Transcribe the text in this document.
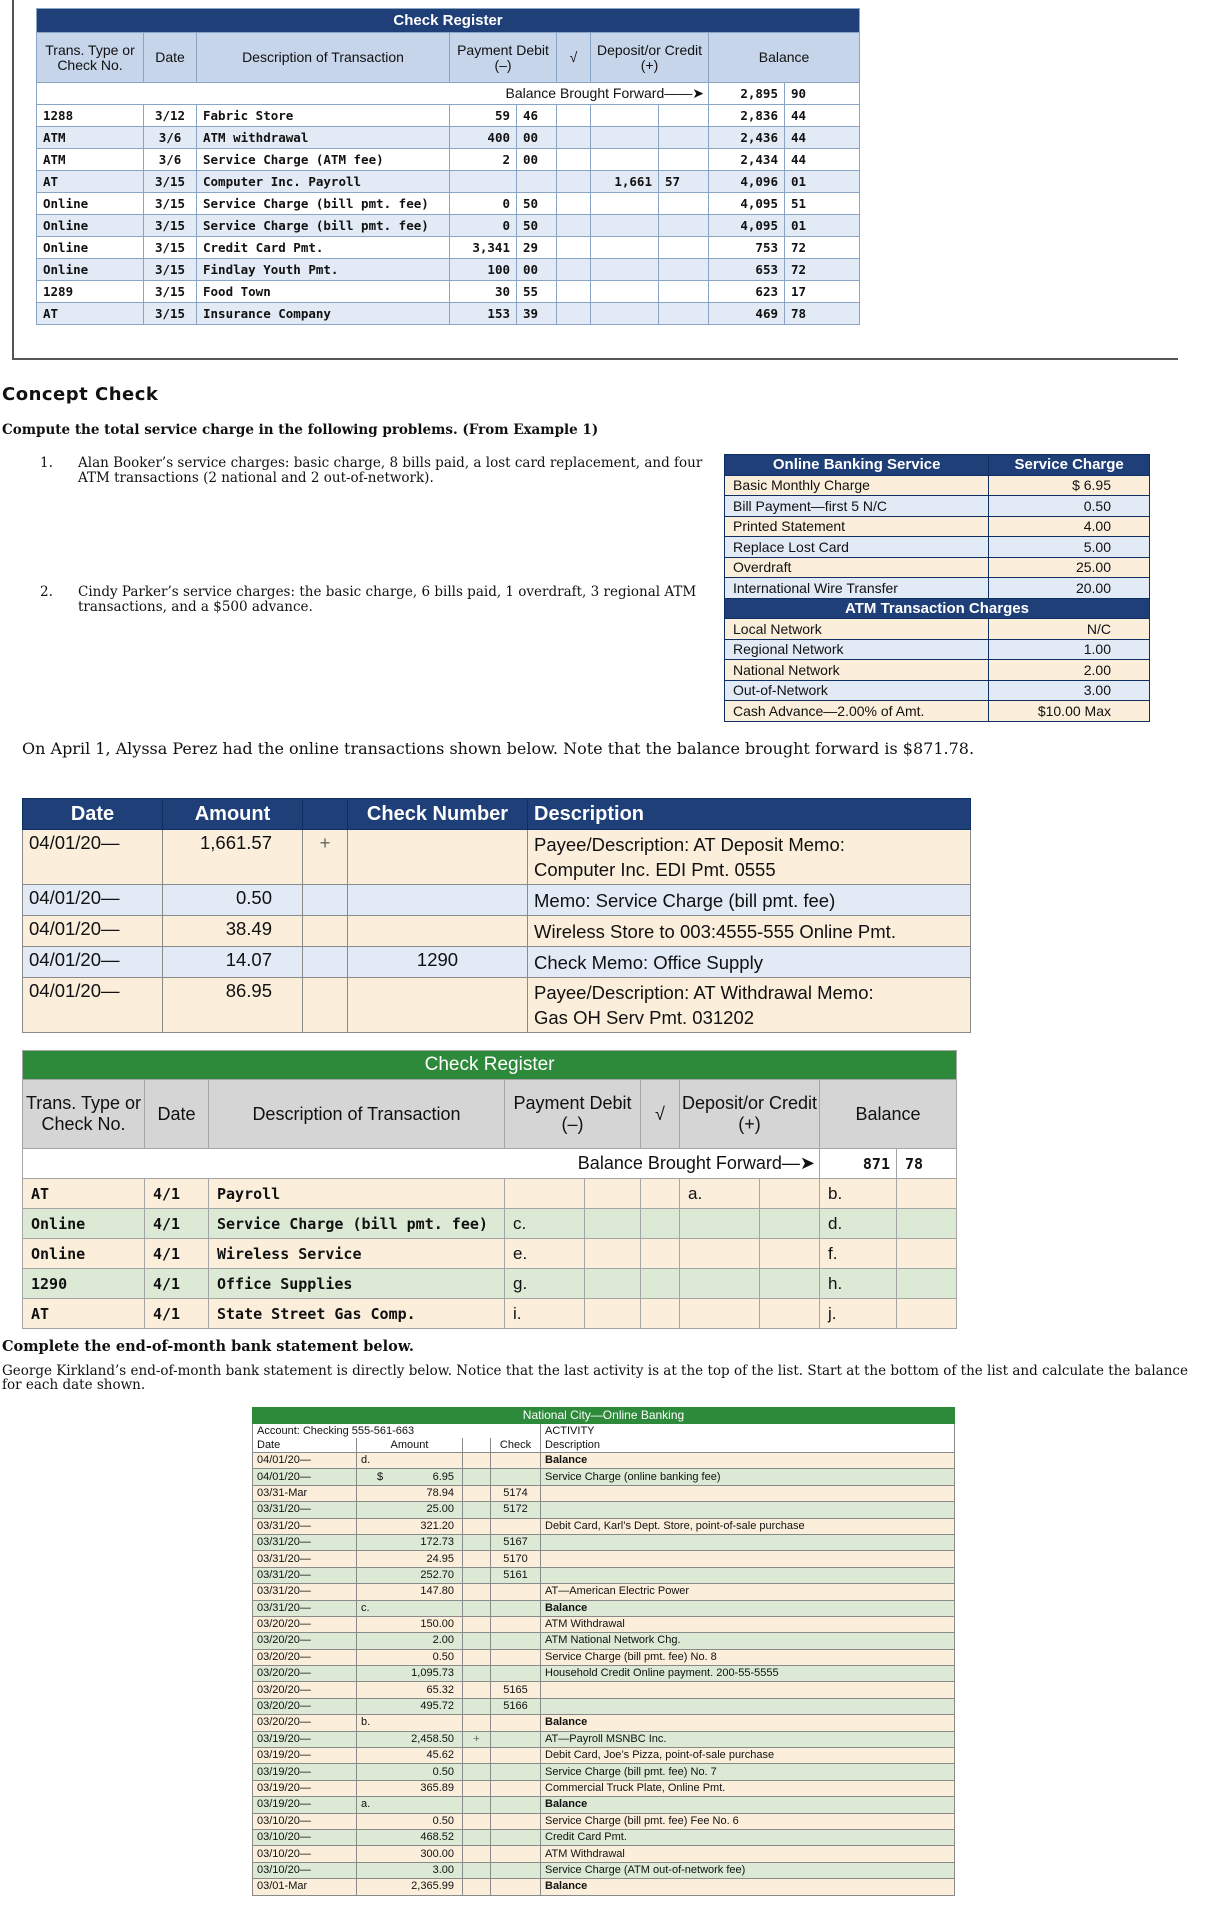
Check Register									
Trans. Type or Check No.	Date	Description of Transaction	Payment Debit (–)		√	Deposit/or Credit (+)		Balance	
Balance Brought Forward——➤								2,895	90
1288	3/12	Fabric Store	59	46				2,836	44
ATM	3/6	ATM withdrawal	400	00				2,436	44
ATM	3/6	Service Charge (ATM fee)	2	00				2,434	44
AT	3/15	Computer Inc. Payroll				1,661	57	4,096	01
Online	3/15	Service Charge (bill pmt. fee)	0	50				4,095	51
Online	3/15	Service Charge (bill pmt. fee)	0	50				4,095	01
Online	3/15	Credit Card Pmt.	3,341	29				753	72
Online	3/15	Findlay Youth Pmt.	100	00				653	72
1289	3/15	Food Town	30	55				623	17
AT	3/15	Insurance Company	153	39				469	78
Concept Check
Compute the total service charge in the following problems. (From Example 1)
1. Alan Booker’s service charges: basic charge, 8 bills paid, a lost card replacement, and four ATM transactions (2 national and 2 out-of-network).
2. Cindy Parker’s service charges: the basic charge, 6 bills paid, 1 overdraft, 3 regional ATM transactions, and a $500 advance.
Online Banking Service	Service Charge
Basic Monthly Charge	$ 6.95
Bill Payment—first 5 N/C	0.50
Printed Statement	4.00
Replace Lost Card	5.00
Overdraft	25.00
International Wire Transfer	20.00
ATM Transaction Charges	
Local Network	N/C
Regional Network	1.00
National Network	2.00
Out-of-Network	3.00
Cash Advance—2.00% of Amt.	$10.00 Max
On April 1, Alyssa Perez had the online transactions shown below. Note that the balance brought forward is $871.78.
Date	Amount		Check Number	Description
04/01/20—	1,661.57	+		Payee/Description: AT Deposit Memo:
Computer Inc. EDI Pmt. 0555

04/01/20—	0.50			Memo: Service Charge (bill pmt. fee)

04/01/20—	38.49			Wireless Store to 003:4555-555 Online Pmt.

04/01/20—	14.07		1290	Check Memo: Office Supply

04/01/20—	86.95			Payee/Description: AT Withdrawal Memo:
Gas OH Serv Pmt. 031202
Check Register									
Trans. Type or Check No.	Date	Description of Transaction	Payment Debit (–)		√	Deposit/or Credit (+)		Balance	
Balance Brought Forward—➤								871	78
AT	4/1	Payroll				a.		b.	
Online	4/1	Service Charge (bill pmt. fee)	c.					d.	
Online	4/1	Wireless Service	e.					f.	
1290	4/1	Office Supplies	g.					h.	
AT	4/1	State Street Gas Comp.	i.					j.	
Complete the end-of-month bank statement below.
George Kirkland’s end-of-month bank statement is directly below. Notice that the last activity is at the top of the list. Start at the bottom of the list and calculate the balance for each date shown.
National City—Online Banking				
Account: Checking 555-561-663				ACTIVITY
Date	Amount		Check	Description
04/01/20—	d.			Balance
04/01/20—	$ 6.95			Service Charge (online banking fee)
03/31-Mar	78.94		5174	
03/31/20—	25.00		5172	
03/31/20—	321.20			Debit Card, Karl’s Dept. Store, point-of-sale purchase
03/31/20—	172.73		5167	
03/31/20—	24.95		5170	
03/31/20—	252.70		5161	
03/31/20—	147.80			AT—American Electric Power
03/31/20—	c.			Balance
03/20/20—	150.00			ATM Withdrawal
03/20/20—	2.00			ATM National Network Chg.
03/20/20—	0.50			Service Charge (bill pmt. fee) No. 8
03/20/20—	1,095.73			Household Credit Online payment. 200-55-5555
03/20/20—	65.32		5165	
03/20/20—	495.72		5166	
03/20/20—	b.			Balance
03/19/20—	2,458.50	+		AT—Payroll MSNBC Inc.
03/19/20—	45.62			Debit Card, Joe’s Pizza, point-of-sale purchase
03/19/20—	0.50			Service Charge (bill pmt. fee) No. 7
03/19/20—	365.89			Commercial Truck Plate, Online Pmt.
03/19/20—	a.			Balance
03/10/20—	0.50			Service Charge (bill pmt. fee) Fee No. 6
03/10/20—	468.52			Credit Card Pmt.
03/10/20—	300.00			ATM Withdrawal
03/10/20—	3.00			Service Charge (ATM out-of-network fee)
03/01-Mar	2,365.99			Balance
